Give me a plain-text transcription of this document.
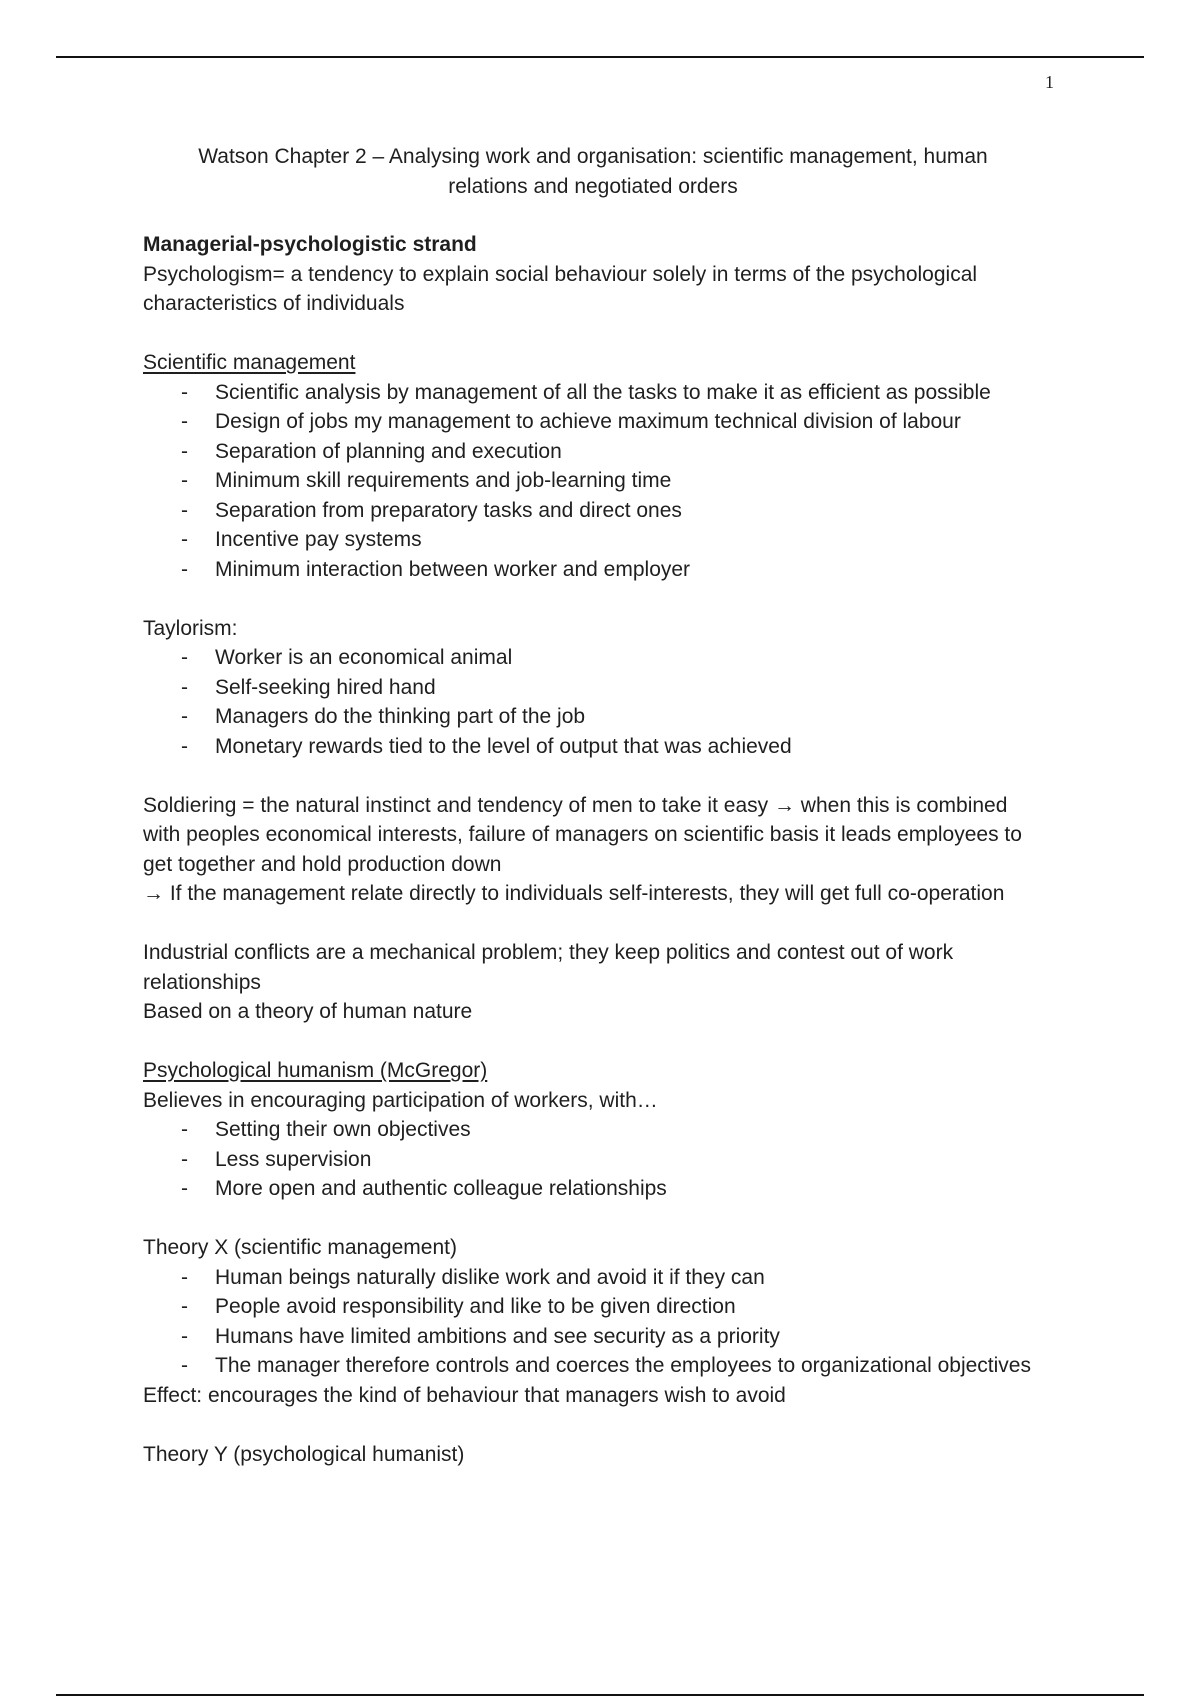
1
Watson Chapter 2 – Analysing work and organisation: scientific management, human
relations and negotiated orders

Managerial-psychologistic strand

Psychologism= a tendency to explain social behaviour solely in terms of the psychological characteristics of individuals

Scientific management

- Scientific analysis by management of all the tasks to make it as efficient as possible
- Design of jobs my management to achieve maximum technical division of labour
- Separation of planning and execution
- Minimum skill requirements and job-learning time
- Separation from preparatory tasks and direct ones
- Incentive pay systems
- Minimum interaction between worker and employer

Taylorism:

- Worker is an economical animal
- Self-seeking hired hand
- Managers do the thinking part of the job
- Monetary rewards tied to the level of output that was achieved

Soldiering = the natural instinct and tendency of men to take it easy → when this is combined with peoples economical interests, failure of managers on scientific basis it leads employees to get together and hold production down

→ If the management relate directly to individuals self-interests, they will get full co-operation

Industrial conflicts are a mechanical problem; they keep politics and contest out of work relationships

Based on a theory of human nature

Psychological humanism (McGregor)

Believes in encouraging participation of workers, with…

- Setting their own objectives
- Less supervision
- More open and authentic colleague relationships

Theory X (scientific management)

- Human beings naturally dislike work and avoid it if they can
- People avoid responsibility and like to be given direction
- Humans have limited ambitions and see security as a priority
- The manager therefore controls and coerces the employees to organizational objectives

Effect: encourages the kind of behaviour that managers wish to avoid

Theory Y (psychological humanist)
